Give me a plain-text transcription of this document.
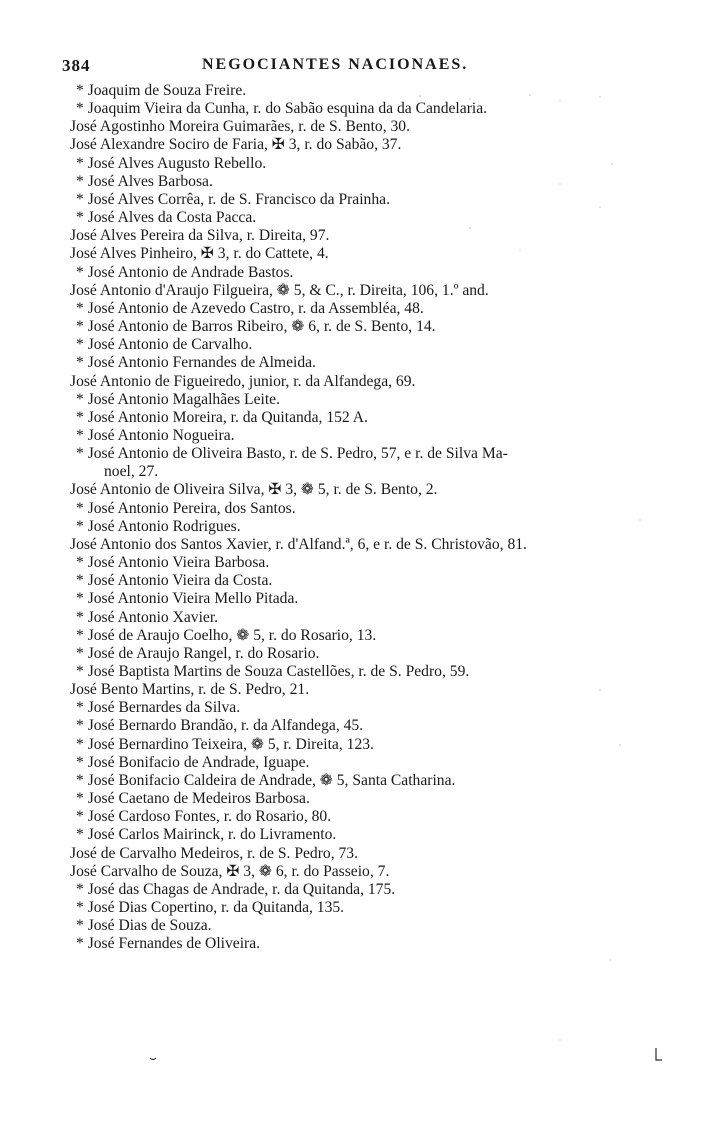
384	NEGOCIANTES NACIONAES.
* Joaquim de Souza Freire.
* Joaquim Vieira da Cunha, r. do Sabão esquina da da Candelaria.
José Agostinho Moreira Guimarães, r. de S. Bento, 30.
José Alexandre Sociro de Faria, ✠ 3, r. do Sabão, 37.
* José Alves Augusto Rebello.
* José Alves Barbosa.
* José Alves Corrêa, r. de S. Francisco da Prainha.
* José Alves da Costa Pacca.
José Alves Pereira da Silva, r. Direita, 97.
José Alves Pinheiro, ✠ 3, r. do Cattete, 4.
* José Antonio de Andrade Bastos.
José Antonio d'Araujo Filgueira, ❁ 5, & C., r. Direita, 106, 1.º and.
* José Antonio de Azevedo Castro, r. da Assembléa, 48.
* José Antonio de Barros Ribeiro, ❁ 6, r. de S. Bento, 14.
* José Antonio de Carvalho.
* José Antonio Fernandes de Almeida.
José Antonio de Figueiredo, junior, r. da Alfandega, 69.
* José Antonio Magalhães Leite.
* José Antonio Moreira, r. da Quitanda, 152 A.
* José Antonio Nogueira.
* José Antonio de Oliveira Basto, r. de S. Pedro, 57, e r. de Silva Ma-
noel, 27.
José Antonio de Oliveira Silva, ✠ 3, ❁ 5, r. de S. Bento, 2.
* José Antonio Pereira, dos Santos.
* José Antonio Rodrigues.
José Antonio dos Santos Xavier, r. d'Alfand.ª, 6, e r. de S. Christovão, 81.
* José Antonio Vieira Barbosa.
* José Antonio Vieira da Costa.
* José Antonio Vieira Mello Pitada.
* José Antonio Xavier.
* José de Araujo Coelho, ❁ 5, r. do Rosario, 13.
* José de Araujo Rangel, r. do Rosario.
* José Baptista Martins de Souza Castellões, r. de S. Pedro, 59.
José Bento Martins, r. de S. Pedro, 21.
* José Bernardes da Silva.
* José Bernardo Brandão, r. da Alfandega, 45.
* José Bernardino Teixeira, ❁ 5, r. Direita, 123.
* José Bonifacio de Andrade, Iguape.
* José Bonifacio Caldeira de Andrade, ❁ 5, Santa Catharina.
* José Caetano de Medeiros Barbosa.
* José Cardoso Fontes, r. do Rosario, 80.
* José Carlos Mairinck, r. do Livramento.
José de Carvalho Medeiros, r. de S. Pedro, 73.
José Carvalho de Souza, ✠ 3, ❁ 6, r. do Passeio, 7.
* José das Chagas de Andrade, r. da Quitanda, 175.
* José Dias Copertino, r. da Quitanda, 135.
* José Dias de Souza.
* José Fernandes de Oliveira.
